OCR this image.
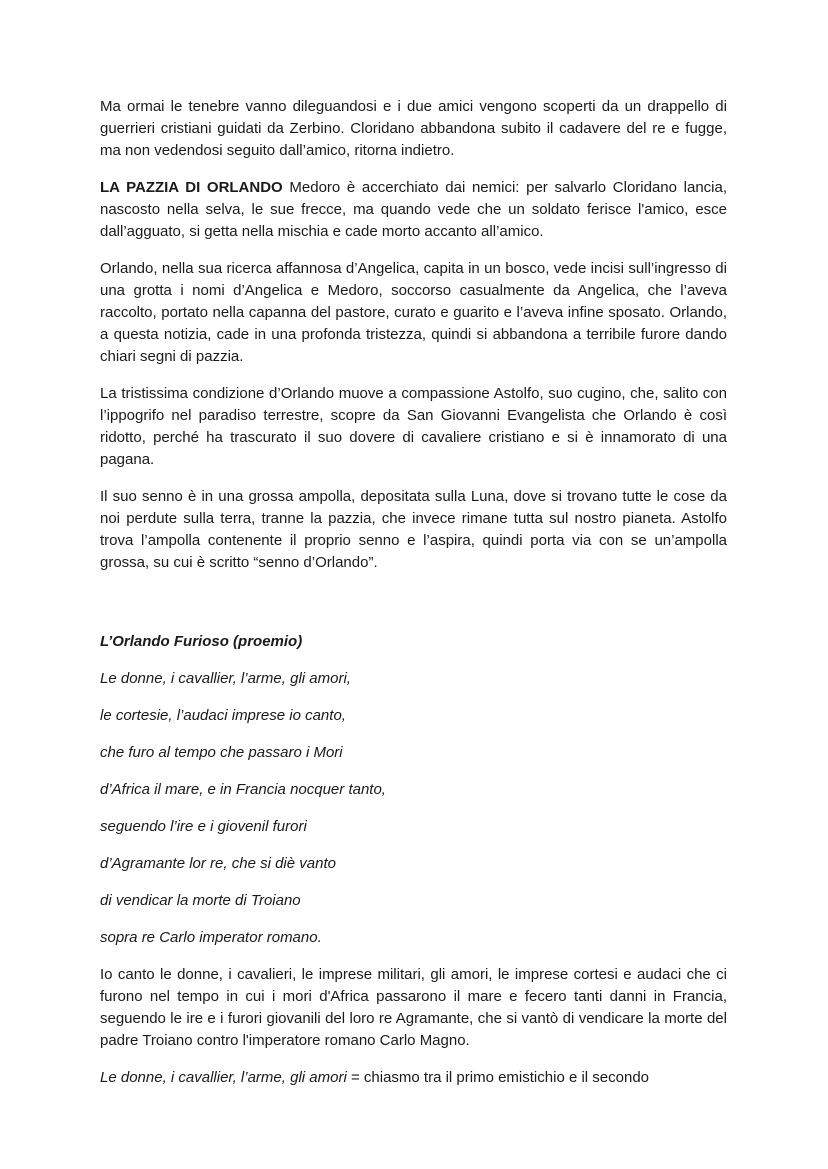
Ma ormai le tenebre vanno dileguandosi e i due amici vengono scoperti da un drappello di guerrieri cristiani guidati da Zerbino. Cloridano abbandona subito il cadavere del re e fugge, ma non vedendosi seguito dall’amico, ritorna indietro.

LA PAZZIA DI ORLANDO Medoro è accerchiato dai nemici: per salvarlo Cloridano lancia, nascosto nella selva, le sue frecce, ma quando vede che un soldato ferisce l'amico, esce dall’agguato, si getta nella mischia e cade morto accanto all’amico.

Orlando, nella sua ricerca affannosa d’Angelica, capita in un bosco, vede incisi sull’ingresso di una grotta i nomi d’Angelica e Medoro, soccorso casualmente da Angelica, che l’aveva raccolto, portato nella capanna del pastore, curato e guarito e l’aveva infine sposato. Orlando, a questa notizia, cade in una profonda tristezza, quindi si abbandona a terribile furore dando chiari segni di pazzia.

La tristissima condizione d’Orlando muove a compassione Astolfo, suo cugino, che, salito con l’ippogrifo nel paradiso terrestre, scopre da San Giovanni Evangelista che Orlando è così ridotto, perché ha trascurato il suo dovere di cavaliere cristiano e si è innamorato di una pagana.

Il suo senno è in una grossa ampolla, depositata sulla Luna, dove si trovano tutte le cose da noi perdute sulla terra, tranne la pazzia, che invece rimane tutta sul nostro pianeta. Astolfo trova l’ampolla contenente il proprio senno e l’aspira, quindi porta via con se un’ampolla grossa, su cui è scritto “senno d’Orlando”.

L’Orlando Furioso (proemio)

Le donne, i cavallier, l’arme, gli amori,

le cortesie, l’audaci imprese io canto,

che furo al tempo che passaro i Mori

d’Africa il mare, e in Francia nocquer tanto,

seguendo l’ire e i giovenil furori

d’Agramante lor re, che si diè vanto

di vendicar la morte di Troiano

sopra re Carlo imperator romano.

Io canto le donne, i cavalieri, le imprese militari, gli amori, le imprese cortesi e audaci che ci furono nel tempo in cui i mori d'Africa passarono il mare e fecero tanti danni in Francia, seguendo le ire e i furori giovanili del loro re Agramante, che si vantò di vendicare la morte del padre Troiano contro l'imperatore romano Carlo Magno.

Le donne, i cavallier, l’arme, gli amori = chiasmo tra il primo emistichio e il secondo
